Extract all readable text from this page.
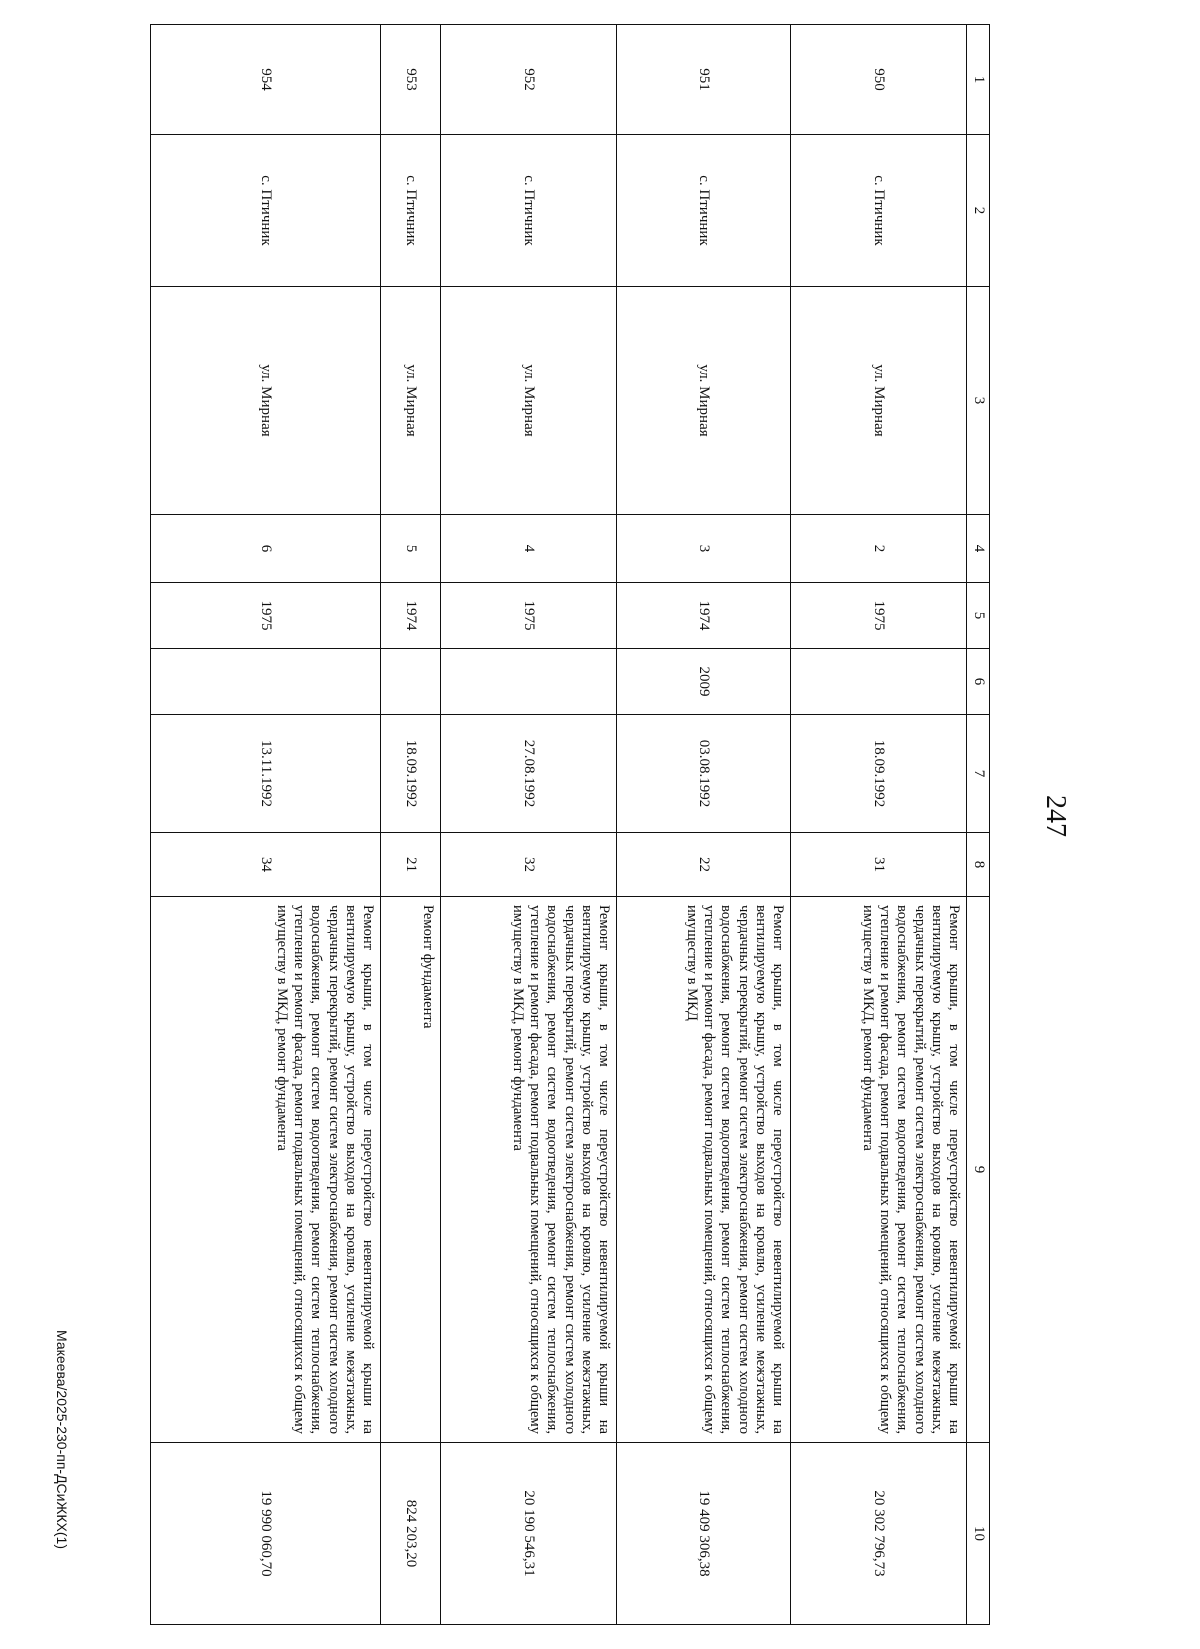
247
1	2	3	4	5	6	7	8	9	10
950	с. Птичник	ул. Мирная	2	1975		18.09.1992	31	Ремонт крыши, в том числе переустройство невентилируемой крыши на вентилируемую крышу, устройство выходов на кровлю, усиление межэтажных, чердачных перекрытий, ремонт систем электроснабжения, ремонт систем холодного водоснабжения, ремонт систем водоотведения, ремонт систем теплоснабжения, утепление и ремонт фасада, ремонт подвальных помещений, относящихся к общему имуществу в МКД, ремонт фундамента	20 302 796,73
951	с. Птичник	ул. Мирная	3	1974	2009	03.08.1992	22	Ремонт крыши, в том числе переустройство невентилируемой крыши на вентилируемую крышу, устройство выходов на кровлю, усиление межэтажных, чердачных перекрытий, ремонт систем электроснабжения, ремонт систем холодного водоснабжения, ремонт систем водоотведения, ремонт систем теплоснабжения, утепление и ремонт фасада, ремонт подвальных помещений, относящихся к общему имуществу в МКД	19 409 306,38
952	с. Птичник	ул. Мирная	4	1975		27.08.1992	32	Ремонт крыши, в том числе переустройство невентилируемой крыши на вентилируемую крышу, устройство выходов на кровлю, усиление межэтажных, чердачных перекрытий, ремонт систем электроснабжения, ремонт систем холодного водоснабжения, ремонт систем водоотведения, ремонт систем теплоснабжения, утепление и ремонт фасада, ремонт подвальных помещений, относящихся к общему имуществу в МКД, ремонт фундамента	20 190 546,31
953	с. Птичник	ул. Мирная	5	1974		18.09.1992	21	Ремонт фундамента	824 203,20
954	с. Птичник	ул. Мирная	6	1975		13.11.1992	34	Ремонт крыши, в том числе переустройство невентилируемой крыши на вентилируемую крышу, устройство выходов на кровлю, усиление межэтажных, чердачных перекрытий, ремонт систем электроснабжения, ремонт систем холодного водоснабжения, ремонт систем водоотведения, ремонт систем теплоснабжения, утепление и ремонт фасада, ремонт подвальных помещений, относящихся к общему имуществу в МКД, ремонт фундамента	19 990 060,70
Макеева/2025-230-пп-ДСиЖКХ(1)
